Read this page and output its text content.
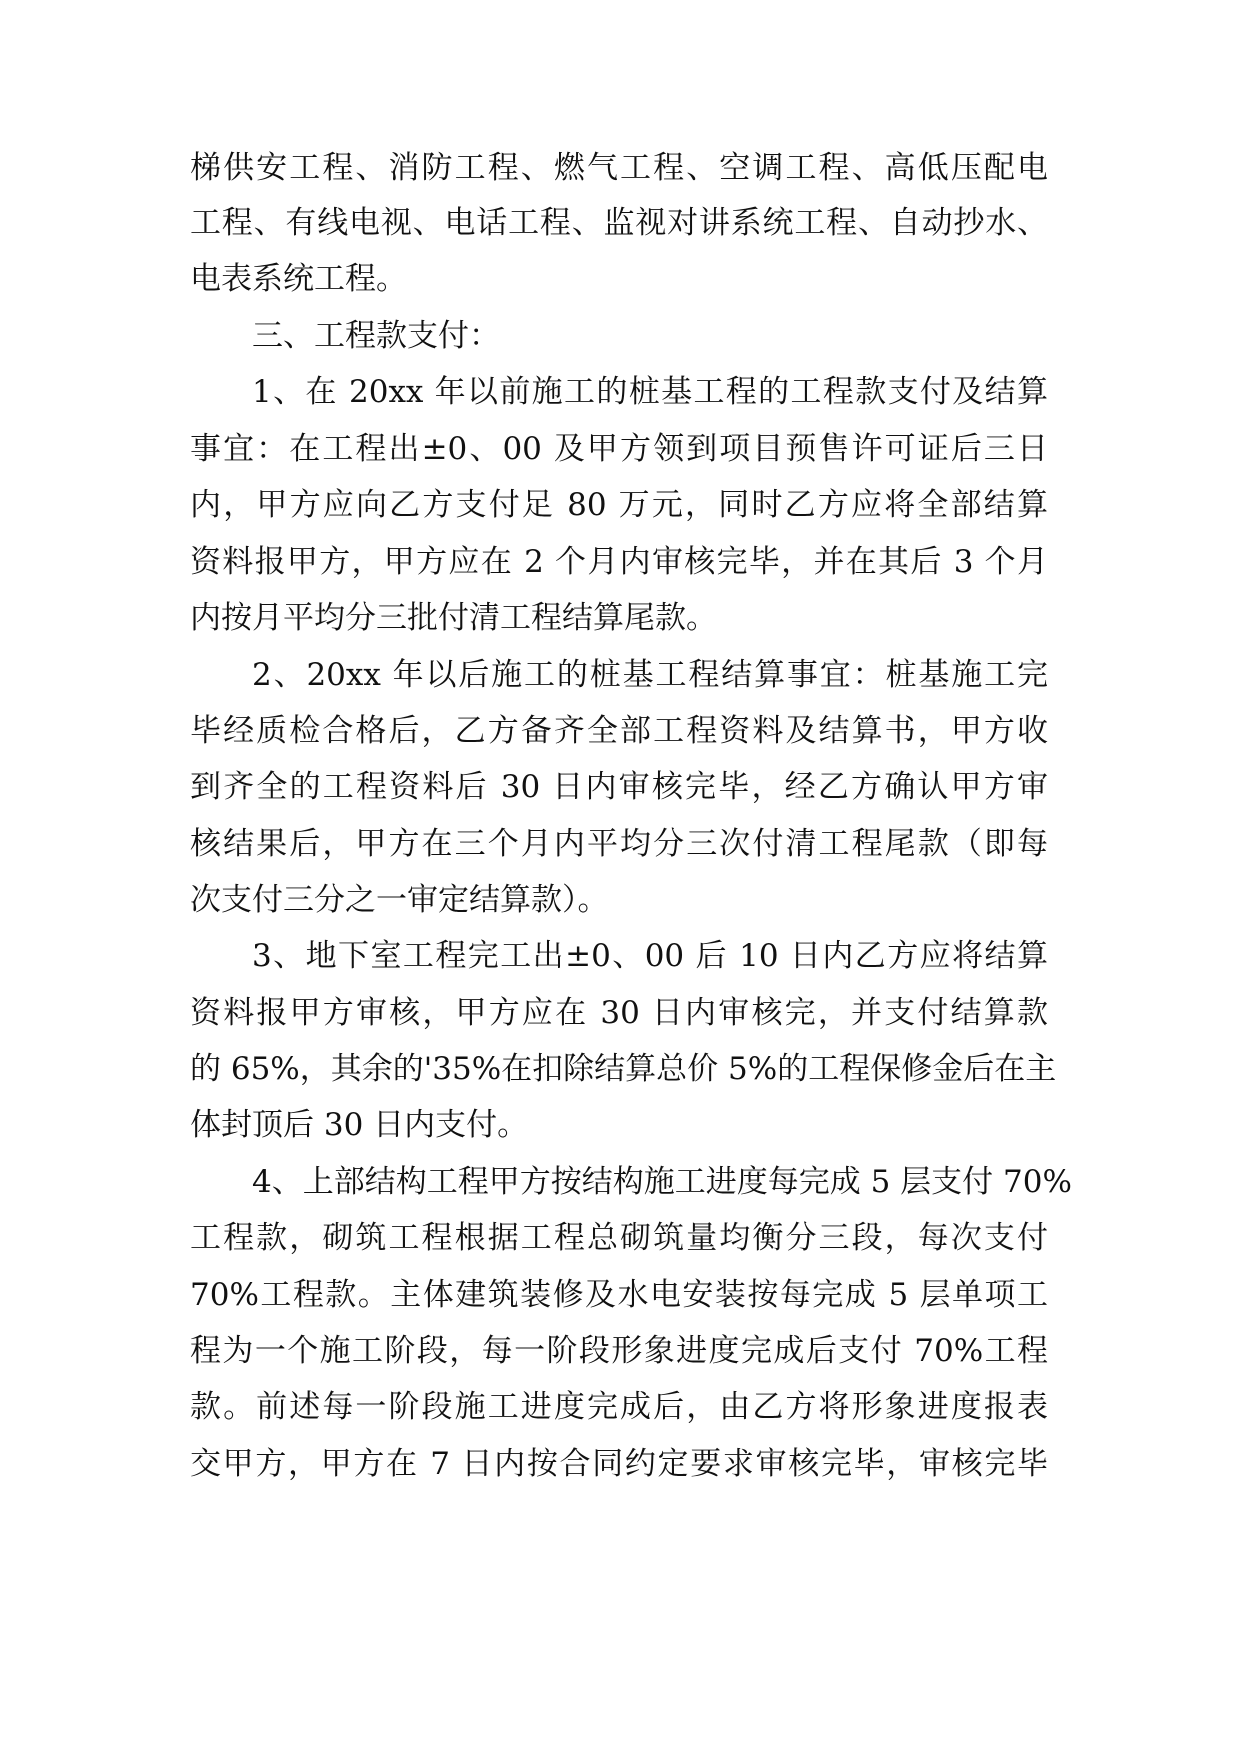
梯供安工程、消防工程、燃气工程、空调工程、高低压配电

工程、有线电视、电话工程、监视对讲系统工程、自动抄水、

电表系统工程。

三、工程款支付：

1、在 20xx 年以前施工的桩基工程的工程款支付及结算

事宜：在工程出±0、00 及甲方领到项目预售许可证后三日

内，甲方应向乙方支付足 80 万元，同时乙方应将全部结算

资料报甲方，甲方应在 2 个月内审核完毕，并在其后 3 个月

内按月平均分三批付清工程结算尾款。

2、20xx 年以后施工的桩基工程结算事宜：桩基施工完

毕经质检合格后，乙方备齐全部工程资料及结算书，甲方收

到齐全的工程资料后 30 日内审核完毕，经乙方确认甲方审

核结果后，甲方在三个月内平均分三次付清工程尾款（即每

次支付三分之一审定结算款）。

3、地下室工程完工出±0、00 后 10 日内乙方应将结算

资料报甲方审核，甲方应在 30 日内审核完，并支付结算款

的 65%，其余的'35%在扣除结算总价 5%的工程保修金后在主

体封顶后 30 日内支付。

4、上部结构工程甲方按结构施工进度每完成 5 层支付 70%

工程款，砌筑工程根据工程总砌筑量均衡分三段，每次支付

70%工程款。主体建筑装修及水电安装按每完成 5 层单项工

程为一个施工阶段，每一阶段形象进度完成后支付 70%工程

款。前述每一阶段施工进度完成后，由乙方将形象进度报表

交甲方，甲方在 7 日内按合同约定要求审核完毕，审核完毕
